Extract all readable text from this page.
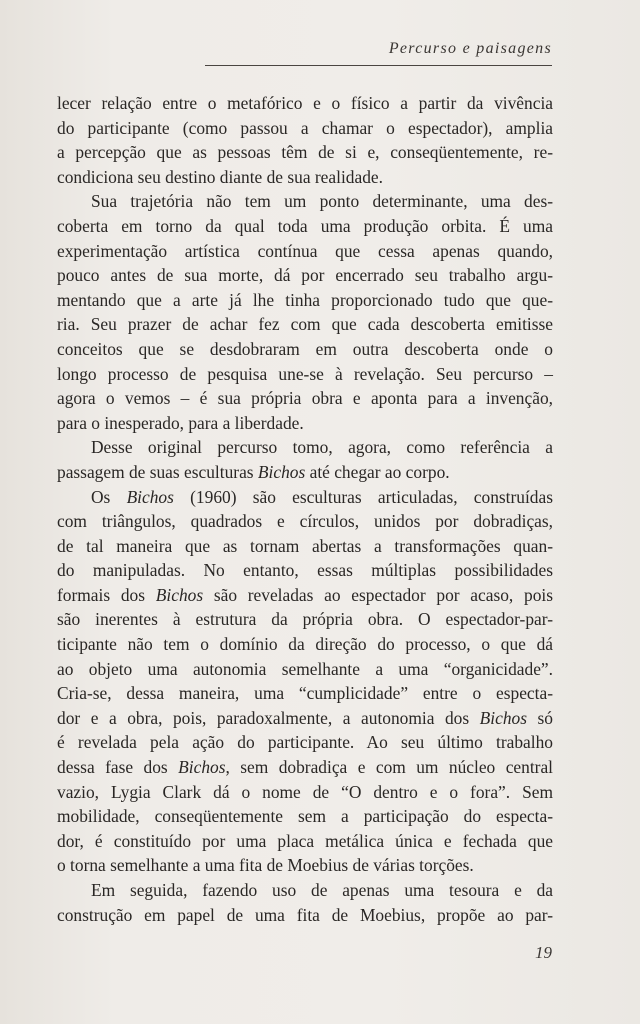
Percurso e paisagens
lecer relação entre o metafórico e o físico a partir da vivência
do participante (como passou a chamar o espectador), amplia
a percepção que as pessoas têm de si e, conseqüentemente, re-
condiciona seu destino diante de sua realidade.
Sua trajetória não tem um ponto determinante, uma des-
coberta em torno da qual toda uma produção orbita. É uma
experimentação artística contínua que cessa apenas quando,
pouco antes de sua morte, dá por encerrado seu trabalho argu-
mentando que a arte já lhe tinha proporcionado tudo que que-
ria. Seu prazer de achar fez com que cada descoberta emitisse
conceitos que se desdobraram em outra descoberta onde o
longo processo de pesquisa une-se à revelação. Seu percurso –
agora o vemos – é sua própria obra e aponta para a invenção,
para o inesperado, para a liberdade.
Desse original percurso tomo, agora, como referência a
passagem de suas esculturas Bichos até chegar ao corpo.
Os Bichos (1960) são esculturas articuladas, construídas
com triângulos, quadrados e círculos, unidos por dobradiças,
de tal maneira que as tornam abertas a transformações quan-
do manipuladas. No entanto, essas múltiplas possibilidades
formais dos Bichos são reveladas ao espectador por acaso, pois
são inerentes à estrutura da própria obra. O espectador-par-
ticipante não tem o domínio da direção do processo, o que dá
ao objeto uma autonomia semelhante a uma “organicidade”.
Cria-se, dessa maneira, uma “cumplicidade” entre o especta-
dor e a obra, pois, paradoxalmente, a autonomia dos Bichos só
é revelada pela ação do participante. Ao seu último trabalho
dessa fase dos Bichos, sem dobradiça e com um núcleo central
vazio, Lygia Clark dá o nome de “O dentro e o fora”. Sem
mobilidade, conseqüentemente sem a participação do especta-
dor, é constituído por uma placa metálica única e fechada que
o torna semelhante a uma fita de Moebius de várias torções.
Em seguida, fazendo uso de apenas uma tesoura e da
construção em papel de uma fita de Moebius, propõe ao par-
19
